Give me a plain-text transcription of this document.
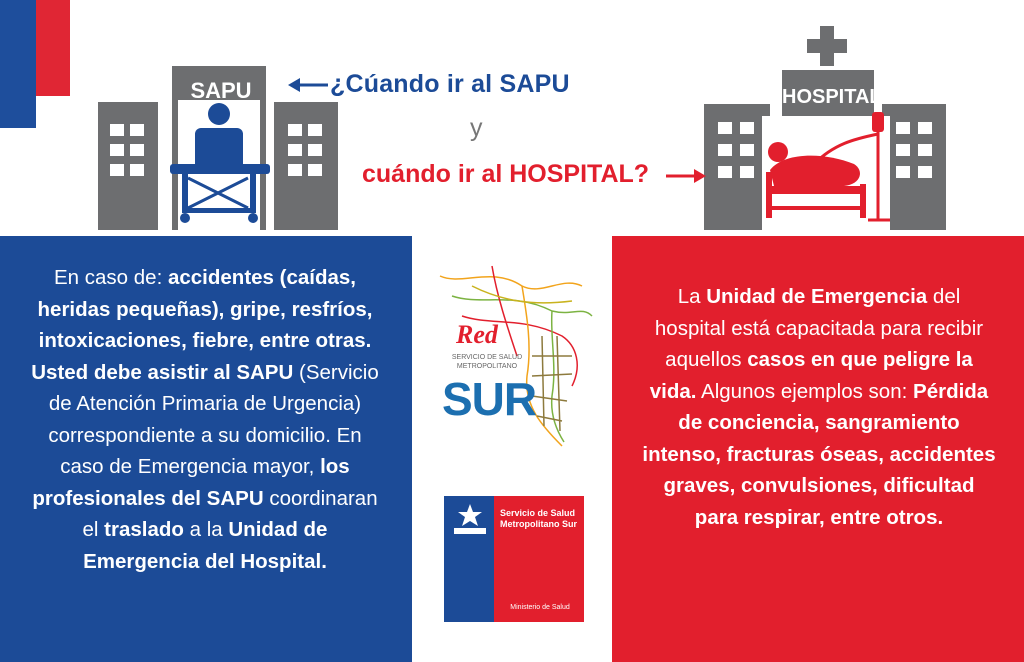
SAPU	HOSPITAL
¿Cúando ir al SAPU
y
cuándo ir al HOSPITAL?
En caso de: accidentes (caídas, heridas pequeñas), gripe, resfríos, intoxicaciones, fiebre, entre otras. Usted debe asistir al SAPU (Servicio de Atención Primaria de Urgencia) correspondiente a su domicilio. En caso de Emergencia mayor, los profesionales del SAPU coordinaran el traslado a la Unidad de Emergencia del Hospital.
La Unidad de Emergencia del hospital está capacitada para recibir aquellos casos en que peligre la vida. Algunos ejemplos son: Pérdida de conciencia, sangramiento intenso, fracturas óseas, accidentes graves, convulsiones, dificultad para respirar, entre otros.
Red
SERVICIO DE SALUD
METROPOLITANO
SUR
Servicio de Salud
Metropolitano Sur
Ministerio de Salud
